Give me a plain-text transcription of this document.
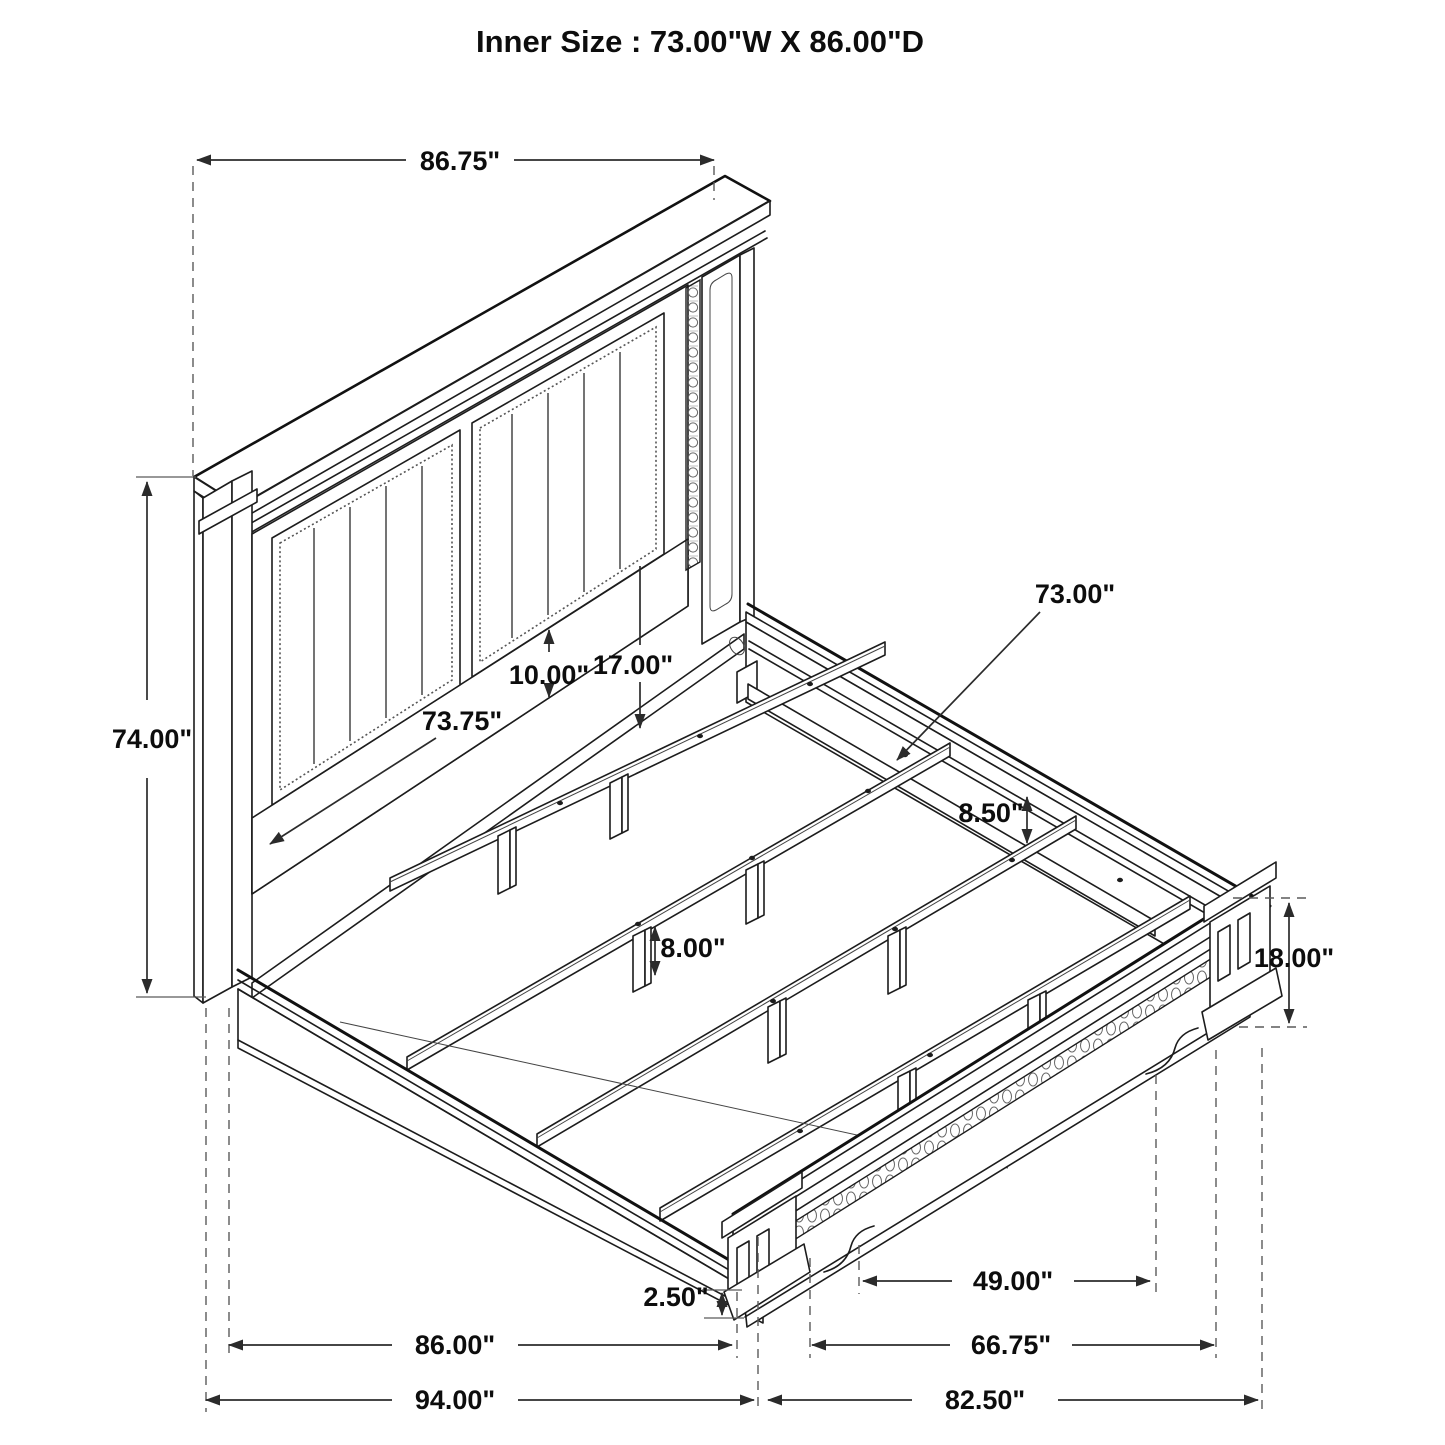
Inner Size : 73.00"W X 86.00"D
86.75"
74.00"
10.00" 17.00"
73.75"
73.00"
8.50"
8.00"	18.00"
2.50"
49.00"
86.00"	66.75"
94.00"	82.50"
